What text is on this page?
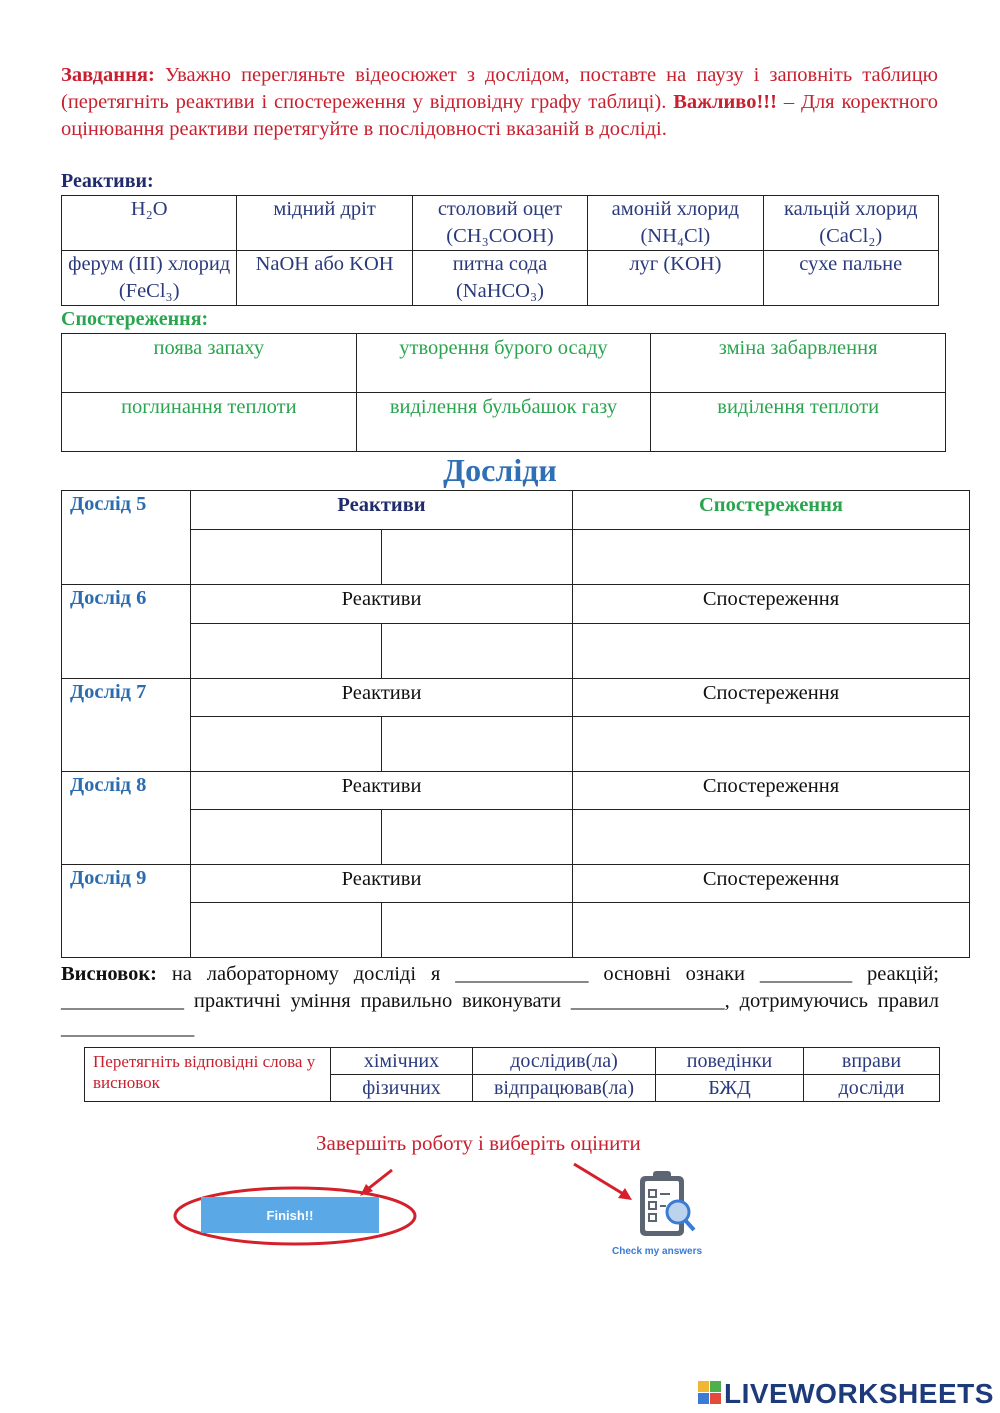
Завдання: Уважно перегляньте відеосюжет з дослідом, поставте на паузу і заповніть таблицю (перетягніть реактиви і спостереження у відповідну графу таблиці). Важливо!!! – Для коректного оцінювання реактиви перетягуйте в послідовності вказаній в досліді.
Реактиви:
H₂O	мідний дріт	столовий оцет (CH₃COOH)	амоній хлорид (NH₄Cl)	кальцій хлорид (CaCl₂)
ферум (III) хлорид (FeCl₃)	NaOH або KOH	питна сода (NaHCO₃)	луг (KOH)	сухе пальне
Спостереження:
поява запаху	утворення бурого осаду	зміна забарвлення
поглинання теплоти	виділення бульбашок газу	виділення теплоти
Досліди
Дослід 5	Реактиви		Спостереження

Дослід 6	Реактиви		Спостереження

Дослід 7	Реактиви		Спостереження

Дослід 8	Реактиви		Спостереження

Дослід 9	Реактиви		Спостереження

Висновок: на лабораторному досліді я _____________ основні ознаки _________ реакцій; ____________ практичні уміння правильно виконувати _______________, дотримуючись правил _____________
Перетягніть відповідні слова у висновок	хімічних	дослідив(ла)	поведінки	вправи
	фізичних	відпрацював(ла)	БЖД	досліди
Завершіть роботу і виберіть оцінити
Finish!!
Check my answers
LIVEWORKSHEETS
